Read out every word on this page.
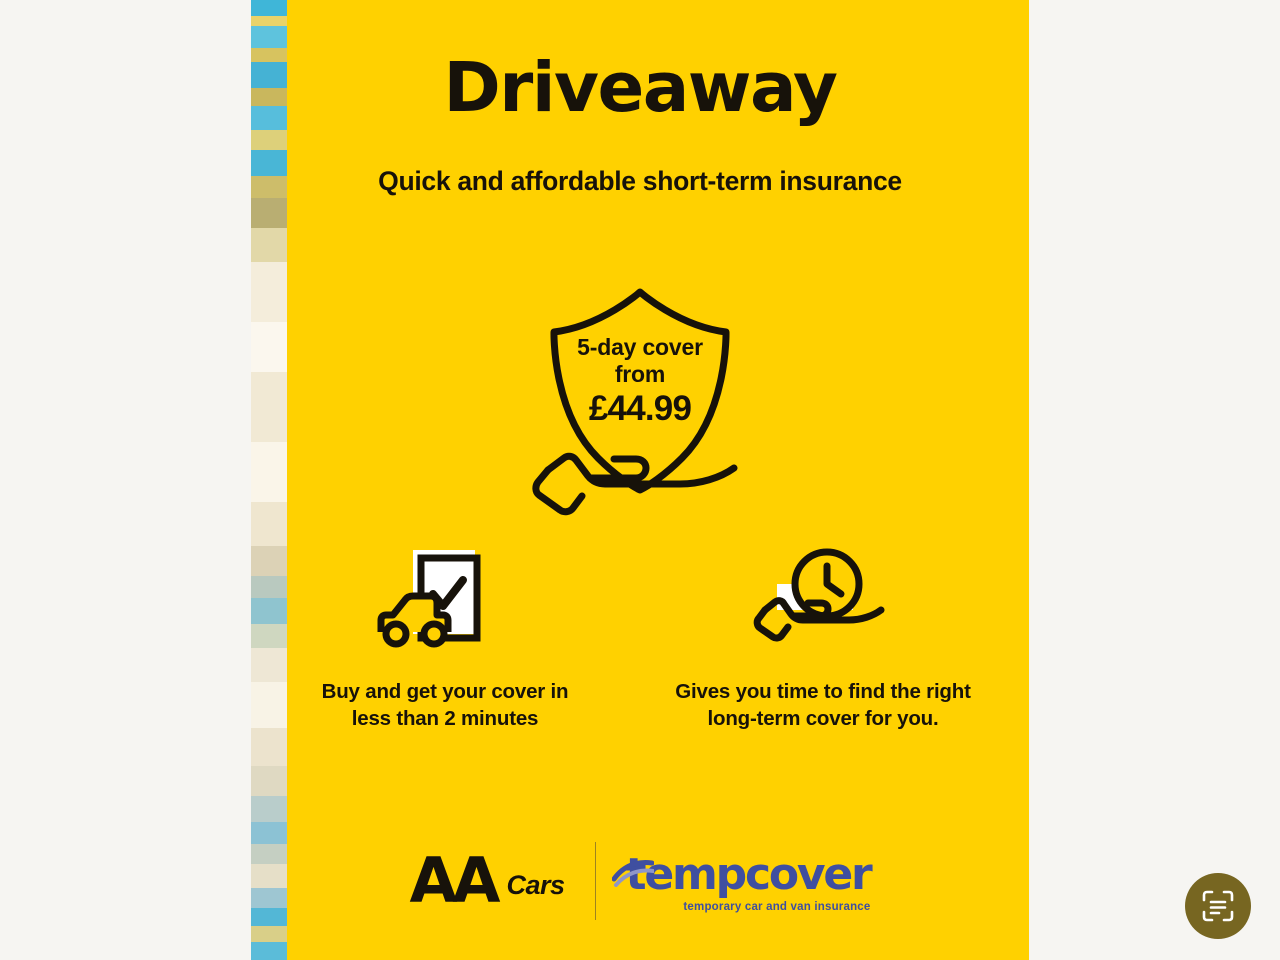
Driveaway
Quick and affordable short-term insurance
5-day cover
from
£44.99
Buy and get your cover in
less than 2 minutes
Gives you time to find the right
long-term cover for you.
AA Cars tempcover
temporary car and van insurance
